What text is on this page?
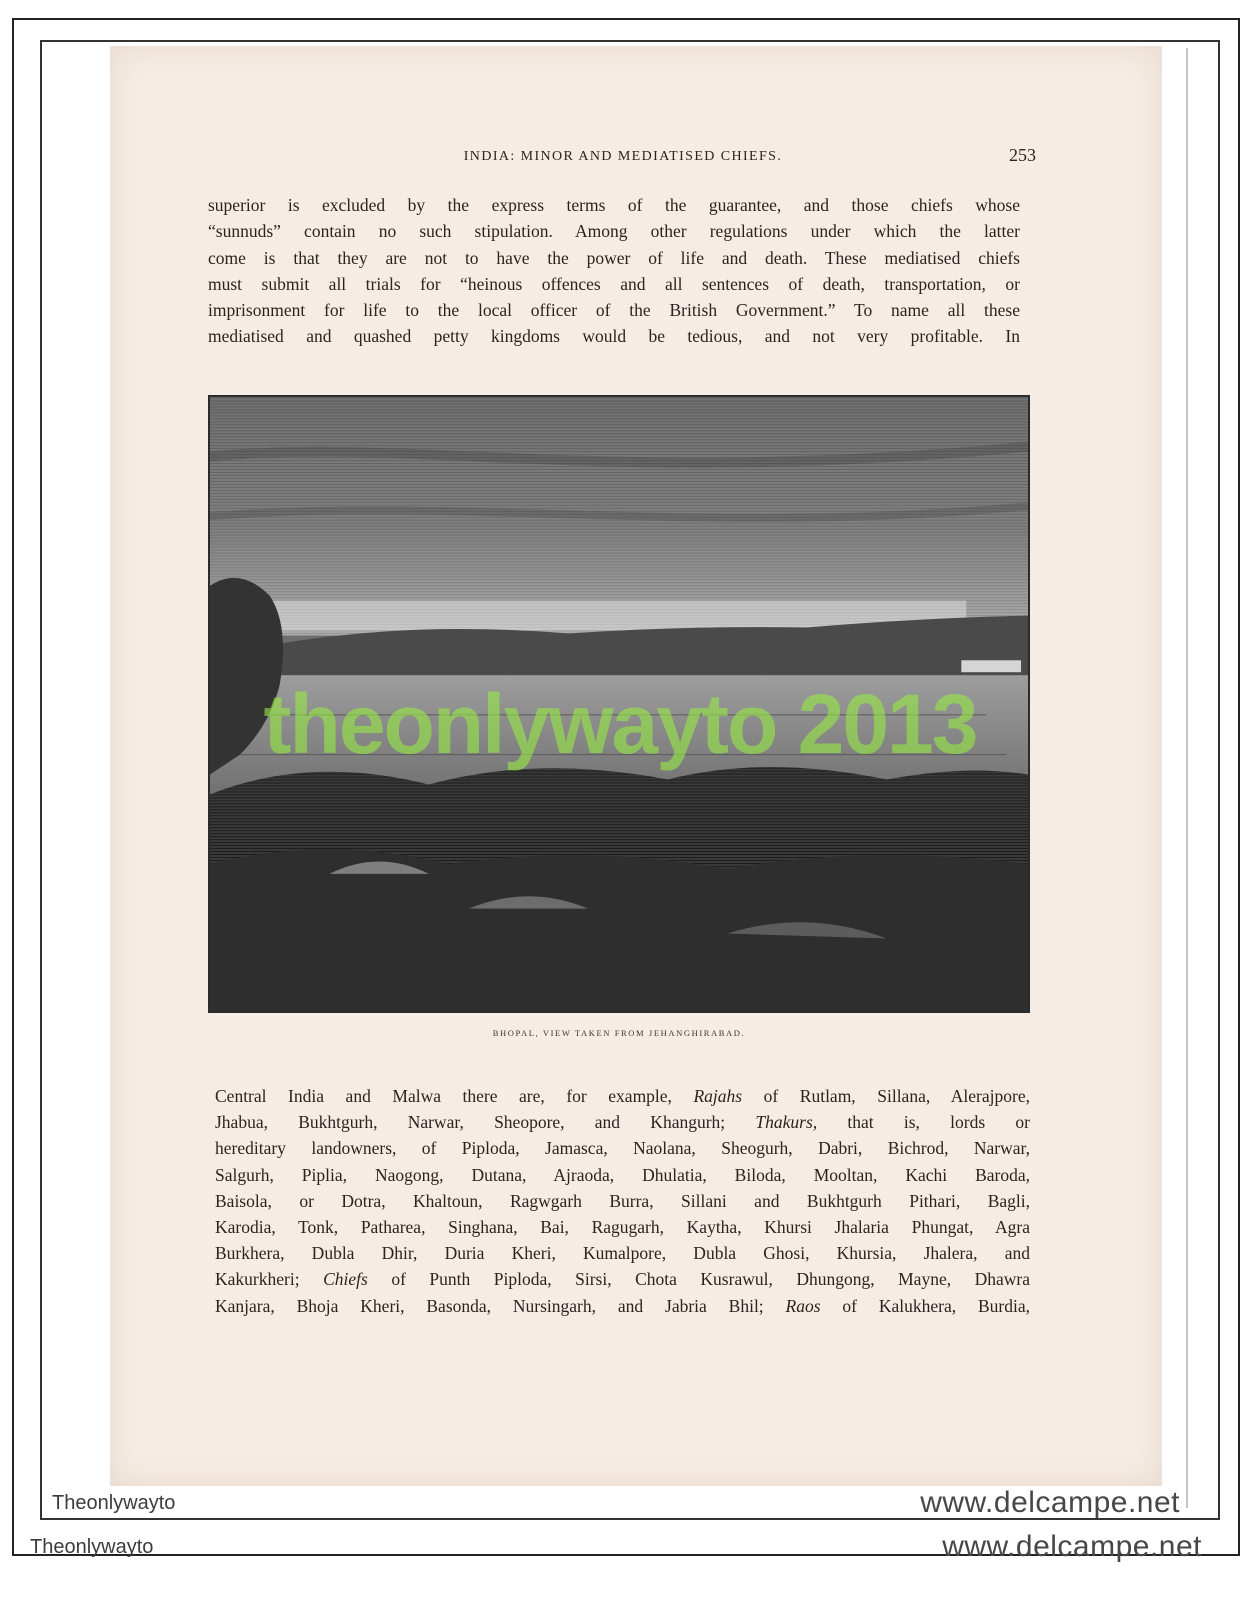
INDIA: MINOR AND MEDIATISED CHIEFS.	253

superior is excluded by the express terms of the guarantee, and those chiefs whose
“sunnuds” contain no such stipulation. Among other regulations under which the latter
come is that they are not to have the power of life and death. These mediatised chiefs
must submit all trials for “heinous offences and all sentences of death, transportation, or
imprisonment for life to the local officer of the British Government.” To name all these
mediatised and quashed petty kingdoms would be tedious, and not very profitable. In

BHOPAL, VIEW TAKEN FROM JEHANGHIRABAD.
theonlywayto 2013

Central India and Malwa there are, for example, Rajahs of Rutlam, Sillana, Alerajpore,
Jhabua, Bukhtgurh, Narwar, Sheopore, and Khangurh; Thakurs, that is, lords or
hereditary landowners, of Piploda, Jamasca, Naolana, Sheogurh, Dabri, Bichrod, Narwar,
Salgurh, Piplia, Naogong, Dutana, Ajraoda, Dhulatia, Biloda, Mooltan, Kachi Baroda,
Baisola, or Dotra, Khaltoun, Ragwgarh Burra, Sillani and Bukhtgurh Pithari, Bagli,
Karodia, Tonk, Patharea, Singhana, Bai, Ragugarh, Kaytha, Khursi Jhalaria Phungat, Agra
Burkhera, Dubla Dhir, Duria Kheri, Kumalpore, Dubla Ghosi, Khursia, Jhalera, and
Kakurkheri; Chiefs of Punth Piploda, Sirsi, Chota Kusrawul, Dhungong, Mayne, Dhawra
Kanjara, Bhoja Kheri, Basonda, Nursingarh, and Jabria Bhil; Raos of Kalukhera, Burdia,

Theonlywayto	www.delcampe.net
Theonlywayto	www.delcampe.net
